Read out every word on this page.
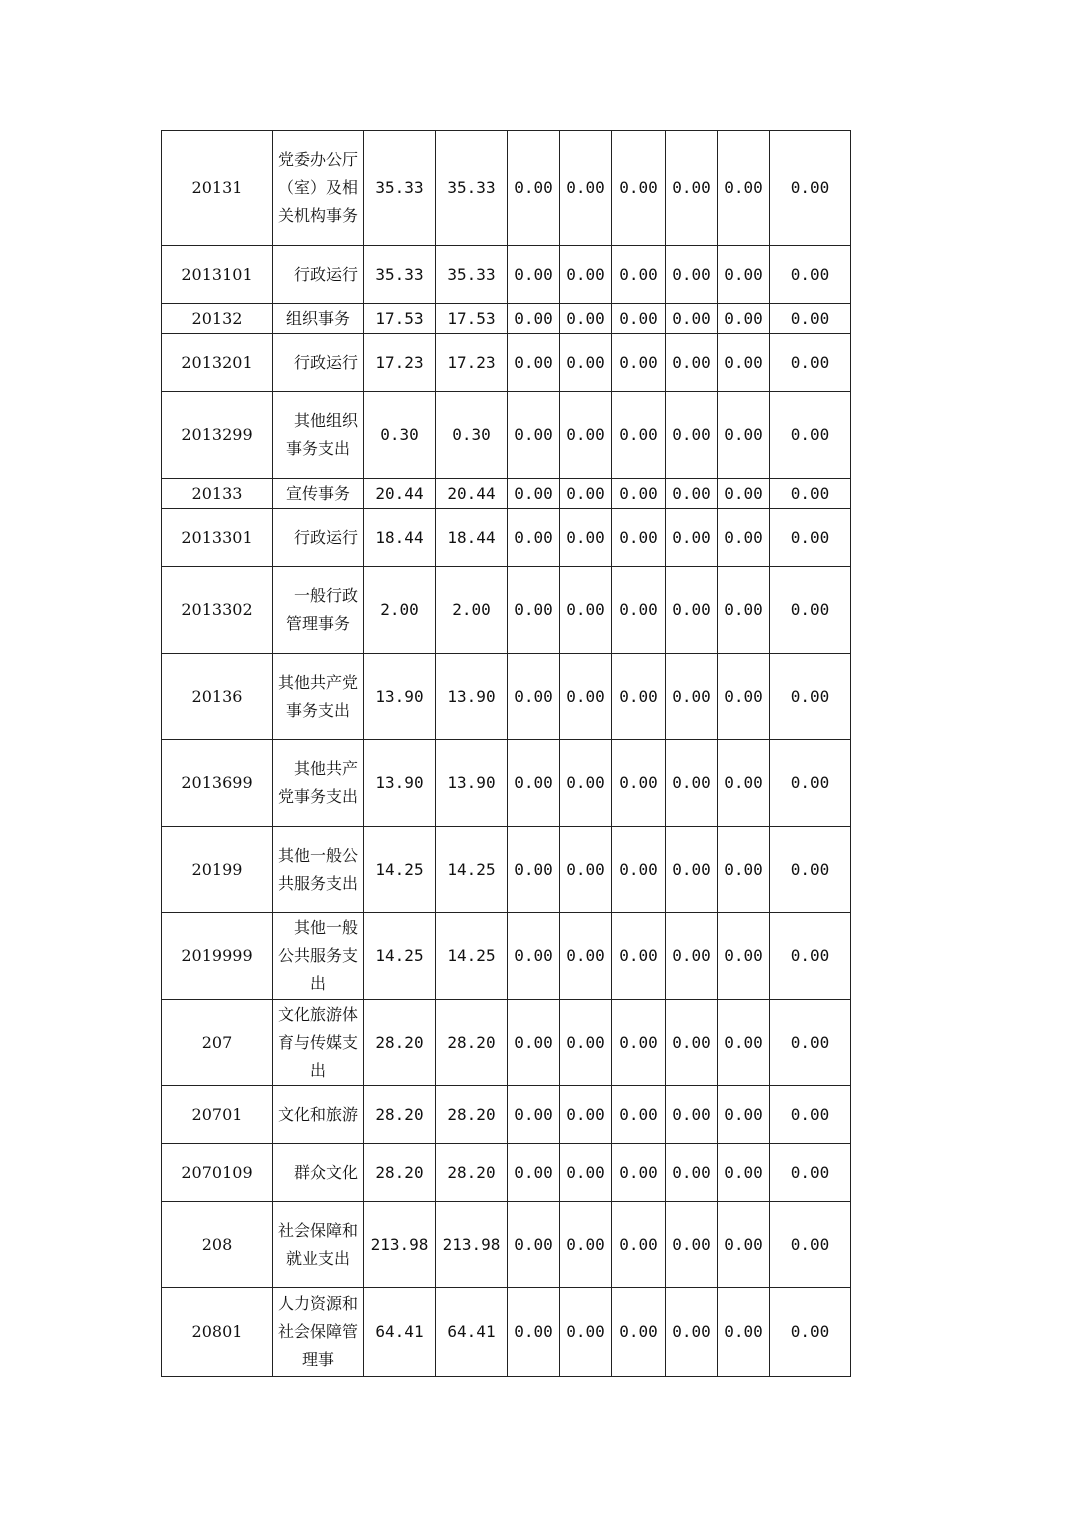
20131	党委办公厅（室）及相关机构事务	35.33	35.33	0.00	0.00	0.00	0.00	0.00	0.00
2013101	行政运行	35.33	35.33	0.00	0.00	0.00	0.00	0.00	0.00
20132	组织事务	17.53	17.53	0.00	0.00	0.00	0.00	0.00	0.00
2013201	行政运行	17.23	17.23	0.00	0.00	0.00	0.00	0.00	0.00
2013299	其他组织事务支出	0.30	0.30	0.00	0.00	0.00	0.00	0.00	0.00
20133	宣传事务	20.44	20.44	0.00	0.00	0.00	0.00	0.00	0.00
2013301	行政运行	18.44	18.44	0.00	0.00	0.00	0.00	0.00	0.00
2013302	一般行政管理事务	2.00	2.00	0.00	0.00	0.00	0.00	0.00	0.00
20136	其他共产党事务支出	13.90	13.90	0.00	0.00	0.00	0.00	0.00	0.00
2013699	其他共产党事务支出	13.90	13.90	0.00	0.00	0.00	0.00	0.00	0.00
20199	其他一般公共服务支出	14.25	14.25	0.00	0.00	0.00	0.00	0.00	0.00
2019999	其他一般公共服务支出	14.25	14.25	0.00	0.00	0.00	0.00	0.00	0.00
207	文化旅游体育与传媒支出	28.20	28.20	0.00	0.00	0.00	0.00	0.00	0.00
20701	文化和旅游	28.20	28.20	0.00	0.00	0.00	0.00	0.00	0.00
2070109	群众文化	28.20	28.20	0.00	0.00	0.00	0.00	0.00	0.00
208	社会保障和就业支出	213.98	213.98	0.00	0.00	0.00	0.00	0.00	0.00
20801	人力资源和社会保障管理事	64.41	64.41	0.00	0.00	0.00	0.00	0.00	0.00
